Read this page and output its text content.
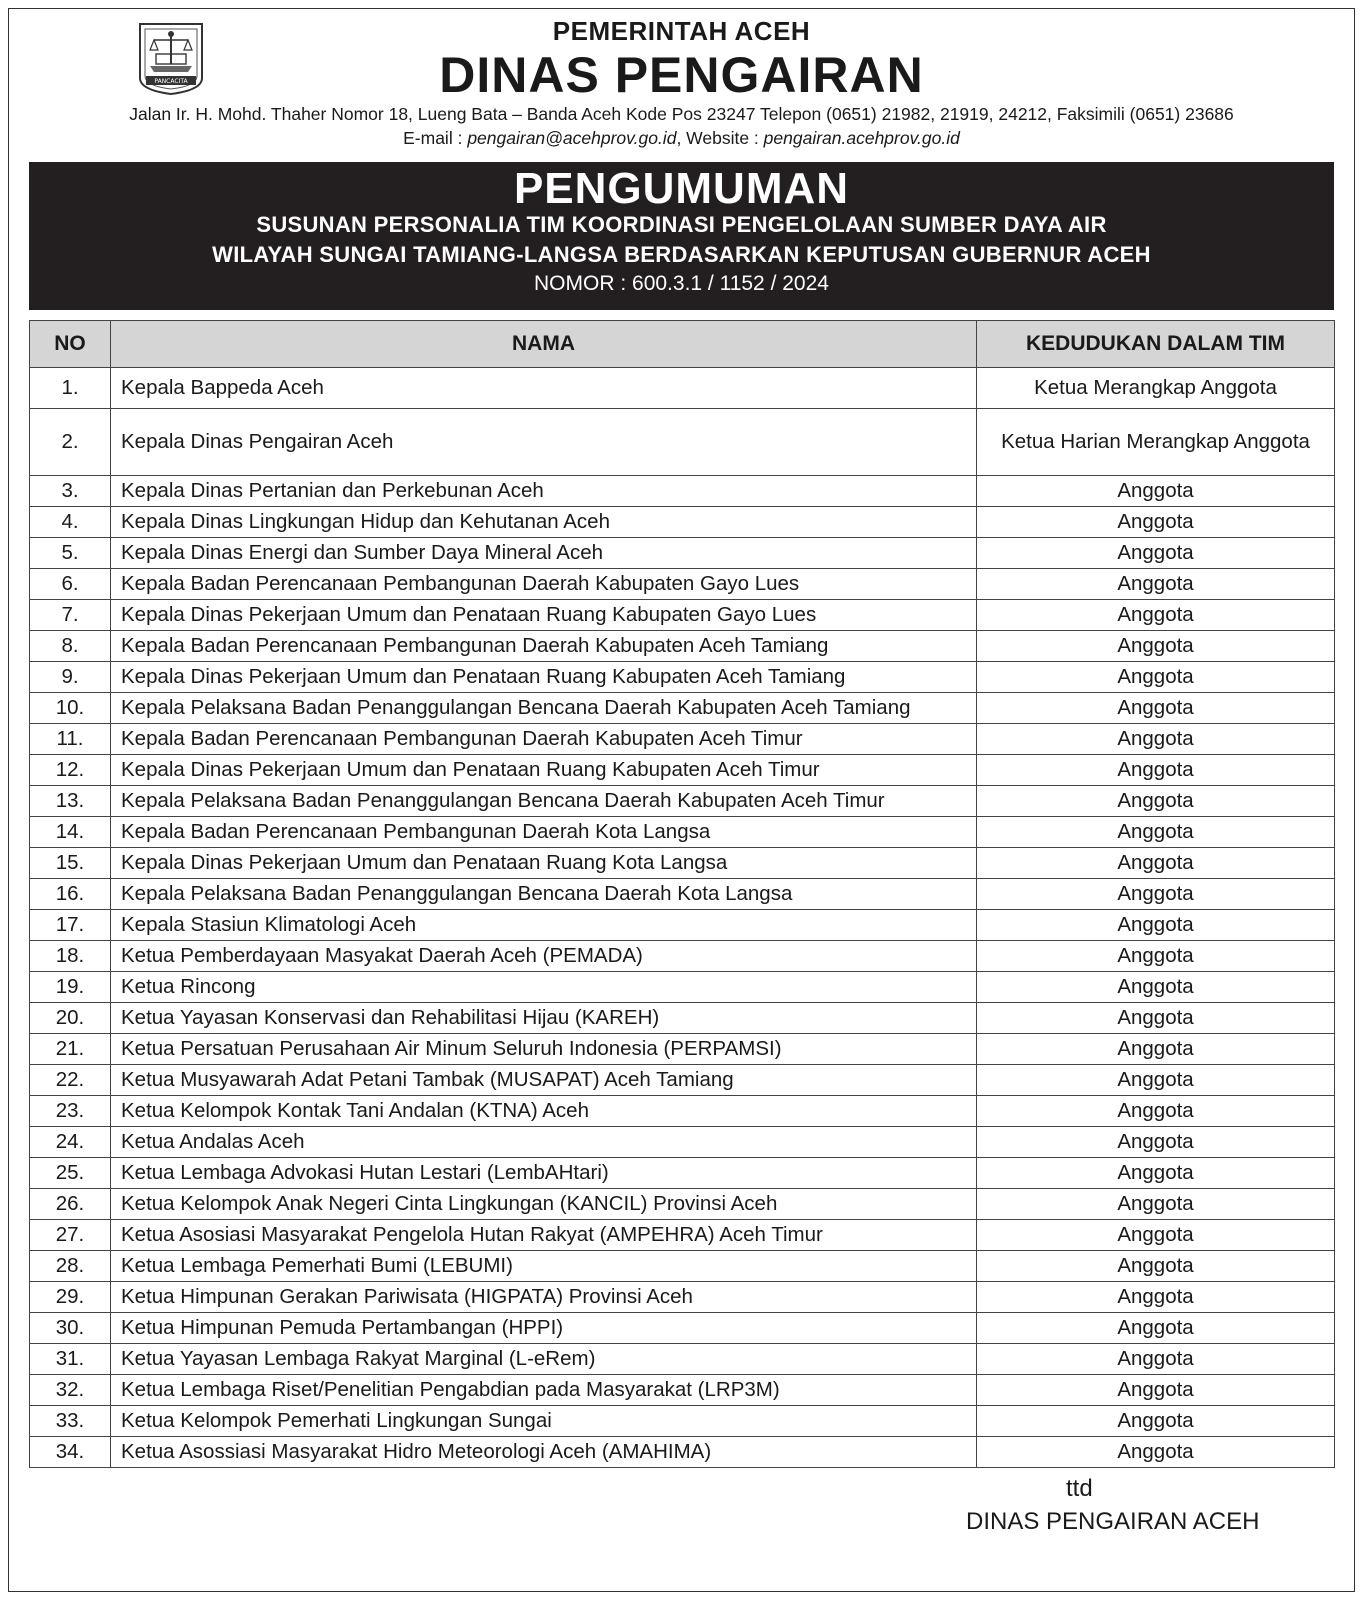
PANCACITA
PEMERINTAH ACEH
DINAS PENGAIRAN
Jalan Ir. H. Mohd. Thaher Nomor 18, Lueng Bata – Banda Aceh Kode Pos 23247 Telepon (0651) 21982, 21919, 24212, Faksimili (0651) 23686
E-mail : pengairan@acehprov.go.id, Website : pengairan.acehprov.go.id
PENGUMUMAN
SUSUNAN PERSONALIA TIM KOORDINASI PENGELOLAAN SUMBER DAYA AIR
WILAYAH SUNGAI TAMIANG-LANGSA BERDASARKAN KEPUTUSAN GUBERNUR ACEH
NOMOR : 600.3.1 / 1152 / 2024
NO	NAMA	KEDUDUKAN DALAM TIM
1.	Kepala Bappeda Aceh	Ketua Merangkap Anggota
2.	Kepala Dinas Pengairan Aceh	Ketua Harian Merangkap Anggota
3.	Kepala Dinas Pertanian dan Perkebunan Aceh	Anggota
4.	Kepala Dinas Lingkungan Hidup dan Kehutanan Aceh	Anggota
5.	Kepala Dinas Energi dan Sumber Daya Mineral Aceh	Anggota
6.	Kepala Badan Perencanaan Pembangunan Daerah Kabupaten Gayo Lues	Anggota
7.	Kepala Dinas Pekerjaan Umum dan Penataan Ruang Kabupaten Gayo Lues	Anggota
8.	Kepala Badan Perencanaan Pembangunan Daerah Kabupaten Aceh Tamiang	Anggota
9.	Kepala Dinas Pekerjaan Umum dan Penataan Ruang Kabupaten Aceh Tamiang	Anggota
10.	Kepala Pelaksana Badan Penanggulangan Bencana Daerah Kabupaten Aceh Tamiang	Anggota
11.	Kepala Badan Perencanaan Pembangunan Daerah Kabupaten Aceh Timur	Anggota
12.	Kepala Dinas Pekerjaan Umum dan Penataan Ruang Kabupaten Aceh Timur	Anggota
13.	Kepala Pelaksana Badan Penanggulangan Bencana Daerah Kabupaten Aceh Timur	Anggota
14.	Kepala Badan Perencanaan Pembangunan Daerah Kota Langsa	Anggota
15.	Kepala Dinas Pekerjaan Umum dan Penataan Ruang Kota Langsa	Anggota
16.	Kepala Pelaksana Badan Penanggulangan Bencana Daerah Kota Langsa	Anggota
17.	Kepala Stasiun Klimatologi Aceh	Anggota
18.	Ketua Pemberdayaan Masyakat Daerah Aceh (PEMADA)	Anggota
19.	Ketua Rincong	Anggota
20.	Ketua Yayasan Konservasi dan Rehabilitasi Hijau (KAREH)	Anggota
21.	Ketua Persatuan Perusahaan Air Minum Seluruh Indonesia (PERPAMSI)	Anggota
22.	Ketua Musyawarah Adat Petani Tambak (MUSAPAT) Aceh Tamiang	Anggota
23.	Ketua Kelompok Kontak Tani Andalan (KTNA) Aceh	Anggota
24.	Ketua Andalas Aceh	Anggota
25.	Ketua Lembaga Advokasi Hutan Lestari (LembAHtari)	Anggota
26.	Ketua Kelompok Anak Negeri Cinta Lingkungan (KANCIL) Provinsi Aceh	Anggota
27.	Ketua Asosiasi Masyarakat Pengelola Hutan Rakyat (AMPEHRA) Aceh Timur	Anggota
28.	Ketua Lembaga Pemerhati Bumi (LEBUMI)	Anggota
29.	Ketua Himpunan Gerakan Pariwisata (HIGPATA) Provinsi Aceh	Anggota
30.	Ketua Himpunan Pemuda Pertambangan (HPPI)	Anggota
31.	Ketua Yayasan Lembaga Rakyat Marginal (L-eRem)	Anggota
32.	Ketua Lembaga Riset/Penelitian Pengabdian pada Masyarakat (LRP3M)	Anggota
33.	Ketua Kelompok Pemerhati Lingkungan Sungai	Anggota
34.	Ketua Asossiasi Masyarakat Hidro Meteorologi Aceh (AMAHIMA)	Anggota
ttd
DINAS PENGAIRAN ACEH
